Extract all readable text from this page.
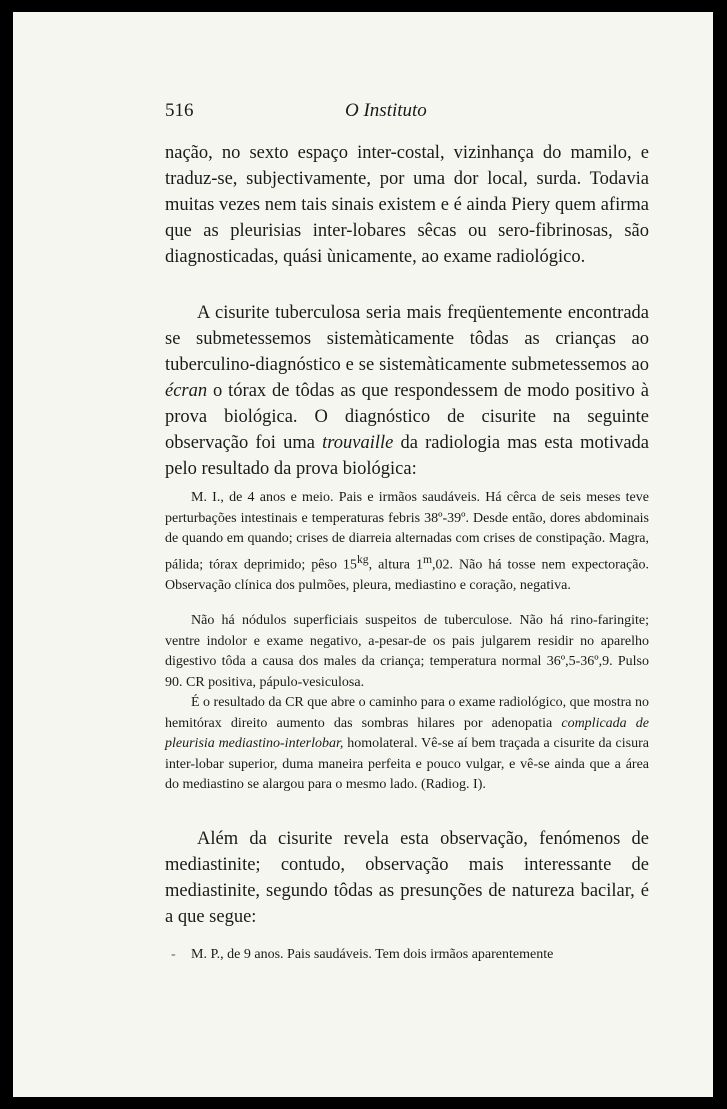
516	O Instituto

nação, no sexto espaço inter-costal, vizinhança do mamilo, e traduz-se, subjectivamente, por uma dor local, surda. Todavia muitas vezes nem tais sinais existem e é ainda Piery quem afirma que as pleurisias inter-lobares sêcas ou sero-fibrinosas, são diagnosticadas, quási ùnicamente, ao exame radiológico.

A cisurite tuberculosa seria mais freqüentemente encontrada se submetessemos sistemàticamente tôdas as crianças ao tuberculino-diagnóstico e se sistemàticamente submetessemos ao écran o tórax de tôdas as que respondessem de modo positivo à prova biológica. O diagnóstico de cisurite na seguinte observação foi uma trouvaille da radiologia mas esta motivada pelo resultado da prova biológica:

M. I., de 4 anos e meio. Pais e irmãos saudáveis. Há cêrca de seis meses teve perturbações intestinais e temperaturas febris 38º-39º. Desde então, dores abdominais de quando em quando; crises de diarreia alternadas com crises de constipação. Magra, pálida; tórax deprimido; pêso $15^{kg}$, altura 1$^m$,02. Não há tosse nem expectoração. Observação clínica dos pulmões, pleura, mediastino e coração, negativa.

Não há nódulos superficiais suspeitos de tuberculose. Não há rino-faringite; ventre indolor e exame negativo, a-pesar-de os pais julgarem residir no aparelho digestivo tôda a causa dos males da criança; temperatura normal 36º,5-36º,9. Pulso 90. CR positiva, pápulo-vesiculosa.

É o resultado da CR que abre o caminho para o exame radiológico, que mostra no hemitórax direito aumento das sombras hilares por adenopatia complicada de pleurisia mediastino-interlobar, homolateral. Vê-se aí bem traçada a cisurite da cisura inter-lobar superior, duma maneira perfeita e pouco vulgar, e vê-se ainda que a área do mediastino se alargou para o mesmo lado. (Radiog. I).

Além da cisurite revela esta observação, fenómenos de mediastinite; contudo, observação mais interessante de mediastinite, segundo tôdas as presunções de natureza bacilar, é a que segue:

-	M. P., de 9 anos. Pais saudáveis. Tem dois irmãos aparentemente
